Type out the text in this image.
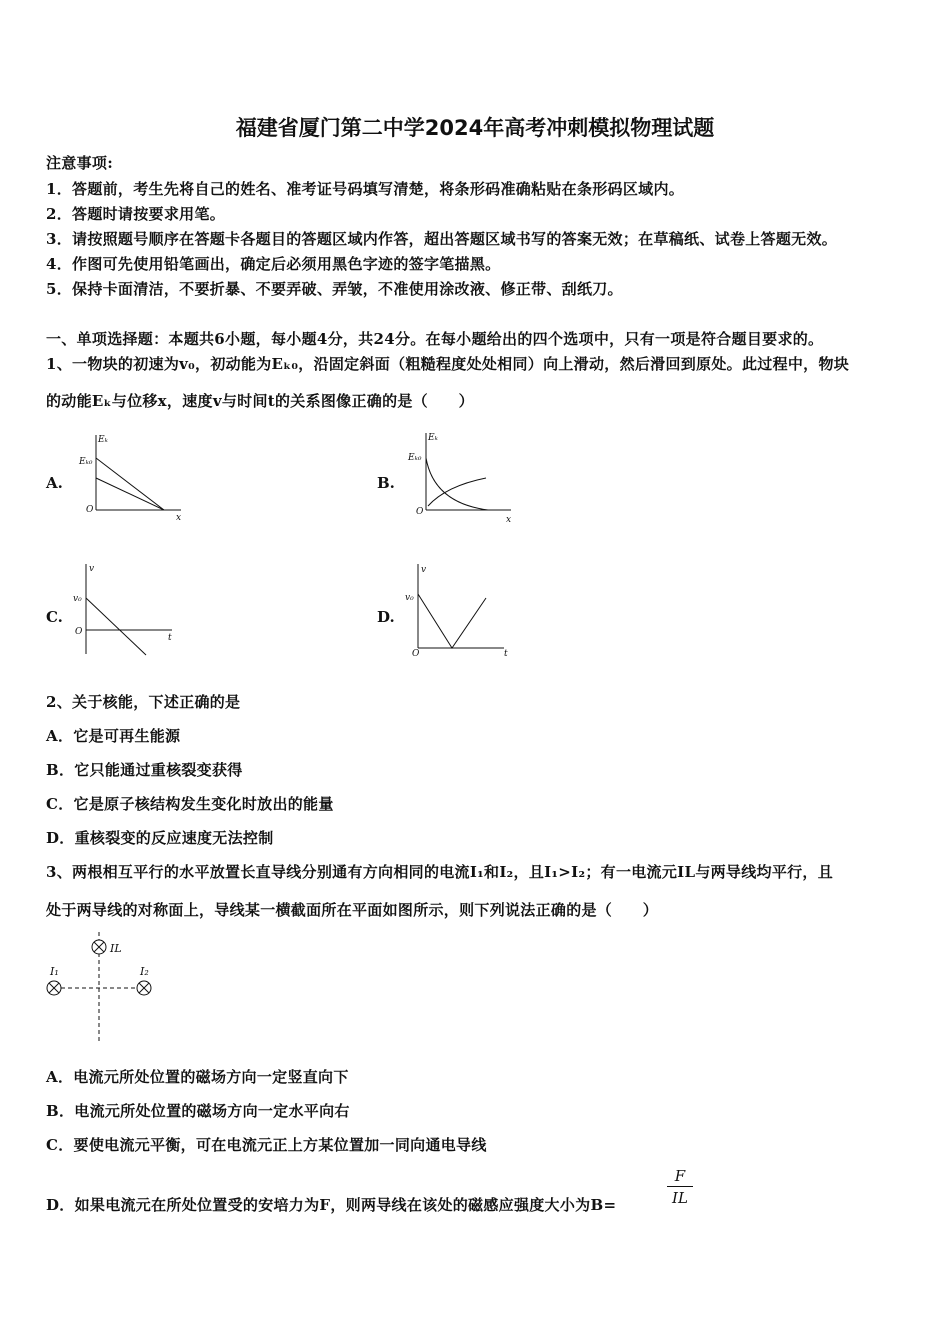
福建省厦门第二中学2024年高考冲刺模拟物理试题
注意事项:
1．答题前，考生先将自己的姓名、准考证号码填写清楚，将条形码准确粘贴在条形码区域内。
2．答题时请按要求用笔。
3．请按照题号顺序在答题卡各题目的答题区域内作答，超出答题区域书写的答案无效；在草稿纸、试卷上答题无效。
4．作图可先使用铅笔画出，确定后必须用黑色字迹的签字笔描黑。
5．保持卡面清洁，不要折暴、不要弄破、弄皱，不准使用涂改液、修正带、刮纸刀。
一、单项选择题：本题共6小题，每小题4分，共24分。在每小题给出的四个选项中，只有一项是符合题目要求的。
1、一物块的初速为v₀，初动能为Eₖ₀，沿固定斜面（粗糙程度处处相同）向上滑动，然后滑回到原处。此过程中，物块
的动能Eₖ与位移x，速度v与时间t的关系图像正确的是（　　）
A.
Eₖ
Eₖ₀
O
x
B.
Eₖ
Eₖ₀
O
x
C.
v
v₀
O
t
D.
v
v₀
O	t
2、关于核能，下述正确的是
A．它是可再生能源
B．它只能通过重核裂变获得
C．它是原子核结构发生变化时放出的能量
D．重核裂变的反应速度无法控制
3、两根相互平行的水平放置长直导线分别通有方向相同的电流I₁和I₂，且I₁>I₂；有一电流元IL与两导线均平行，且
处于两导线的对称面上，导线某一横截面所在平面如图所示，则下列说法正确的是（　　）
IL
I₁	I₂
A．电流元所处位置的磁场方向一定竖直向下
B．电流元所处位置的磁场方向一定水平向右
C．要使电流元平衡，可在电流元正上方某位置加一同向通电导线
D．如果电流元在所处位置受的安培力为F，则两导线在该处的磁感应强度大小为B=	$\frac{F}{IL}$
